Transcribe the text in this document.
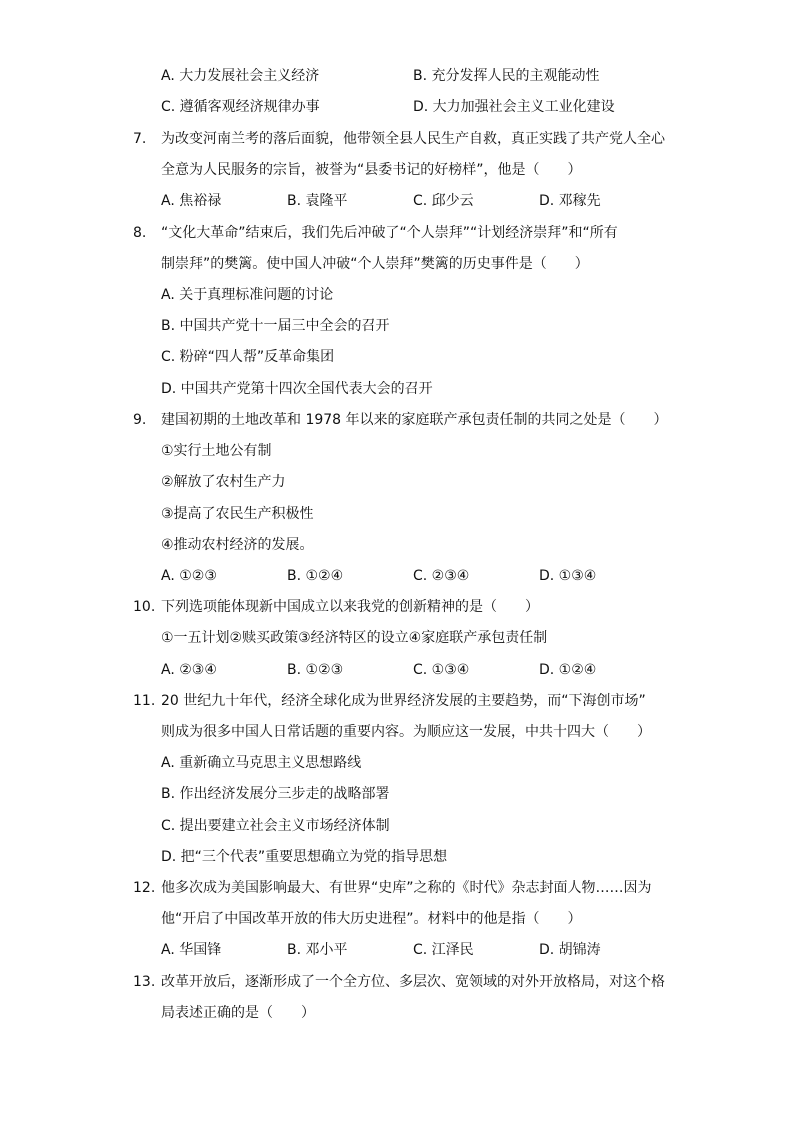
A. 大力发展社会主义经济	B. 充分发挥人民的主观能动性
C. 遵循客观经济规律办事	D. 大力加强社会主义工业化建设
7. 为改变河南兰考的落后面貌，他带领全县人民生产自救，真正实践了共产党人全心
全意为人民服务的宗旨，被誉为“县委书记的好榜样”，他是（　　）
A. 焦裕禄	B. 袁隆平	C. 邱少云	D. 邓稼先
8. “文化大革命”结束后，我们先后冲破了“个人崇拜”“计划经济崇拜”和“所有
制崇拜”的樊篱。使中国人冲破“个人崇拜”樊篱的历史事件是（　　）
A. 关于真理标准问题的讨论
B. 中国共产党十一届三中全会的召开
C. 粉碎“四人帮”反革命集团
D. 中国共产党第十四次全国代表大会的召开
9. 建国初期的土地改革和 1978 年以来的家庭联产承包责任制的共同之处是（　　）
①实行土地公有制
②解放了农村生产力
③提高了农民生产积极性
④推动农村经济的发展。
A. ①②③	B. ①②④	C. ②③④	D. ①③④
10. 下列选项能体现新中国成立以来我党的创新精神的是（　　）
①一五计划②赎买政策③经济特区的设立④家庭联产承包责任制
A. ②③④	B. ①②③	C. ①③④	D. ①②④
11. 20 世纪九十年代，经济全球化成为世界经济发展的主要趋势，而“下海创市场”
则成为很多中国人日常话题的重要内容。为顺应这一发展，中共十四大（　　）
A. 重新确立马克思主义思想路线
B. 作出经济发展分三步走的战略部署
C. 提出要建立社会主义市场经济体制
D. 把“三个代表”重要思想确立为党的指导思想
12. 他多次成为美国影响最大、有世界“史库”之称的《时代》杂志封面人物……因为
他“开启了中国改革开放的伟大历史进程”。材料中的他是指（　　）
A. 华国锋	B. 邓小平	C. 江泽民	D. 胡锦涛
13. 改革开放后，逐渐形成了一个全方位、多层次、宽领域的对外开放格局，对这个格
局表述正确的是（　　）
